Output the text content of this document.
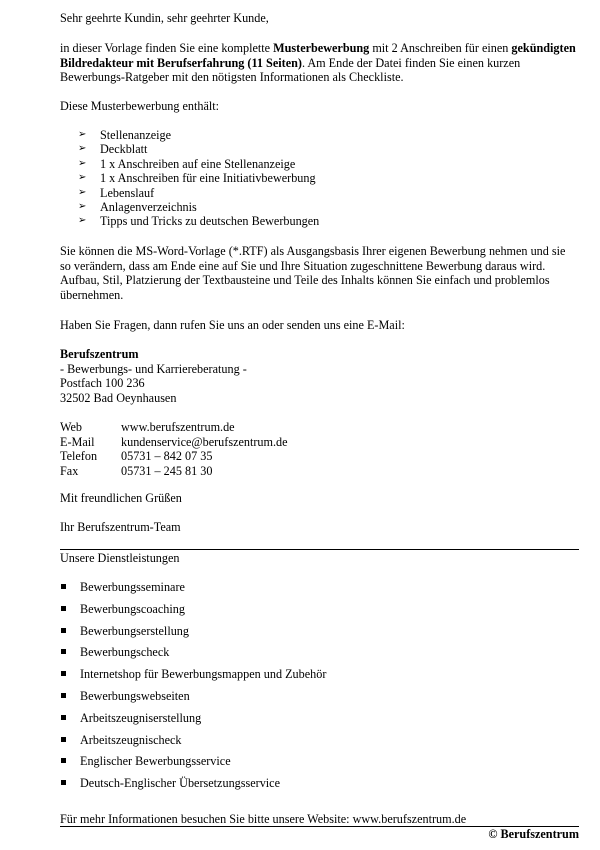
Sehr geehrte Kundin, sehr geehrter Kunde,

in dieser Vorlage finden Sie eine komplette Musterbewerbung mit 2 Anschreiben für einen gekündigten Bildredakteur mit Berufserfahrung (11 Seiten). Am Ende der Datei finden Sie einen kurzen Bewerbungs-Ratgeber mit den nötigsten Informationen als Checkliste.

Diese Musterbewerbung enthält:

➢ Stellenanzeige
➢ Deckblatt
➢ 1 x Anschreiben auf eine Stellenanzeige
➢ 1 x Anschreiben für eine Initiativbewerbung
➢ Lebenslauf
➢ Anlagenverzeichnis
➢ Tipps und Tricks zu deutschen Bewerbungen

Sie können die MS-Word-Vorlage (*.RTF) als Ausgangsbasis Ihrer eigenen Bewerbung nehmen und sie so verändern, dass am Ende eine auf Sie und Ihre Situation zugeschnittene Bewerbung daraus wird. Aufbau, Stil, Platzierung der Textbausteine und Teile des Inhalts können Sie einfach und problemlos übernehmen.

Haben Sie Fragen, dann rufen Sie uns an oder senden uns eine E-Mail:

Berufszentrum

- Bewerbungs- und Karriereberatung -

Postfach 100 236

32502 Bad Oeynhausen

Web	www.berufszentrum.de
E-Mail kundenservice@berufszentrum.de
Telefon 05731 – 842 07 35
Fax	05731 – 245 81 30

Mit freundlichen Grüßen

Ihr Berufszentrum-Team

Unsere Dienstleistungen

Bewerbungsseminare
Bewerbungscoaching
Bewerbungserstellung
Bewerbungscheck
Internetshop für Bewerbungsmappen und Zubehör
Bewerbungswebseiten
Arbeitszeugniserstellung
Arbeitszeugnischeck
Englischer Bewerbungsservice
Deutsch-Englischer Übersetzungsservice

Für mehr Informationen besuchen Sie bitte unsere Website: www.berufszentrum.de

© Berufszentrum
